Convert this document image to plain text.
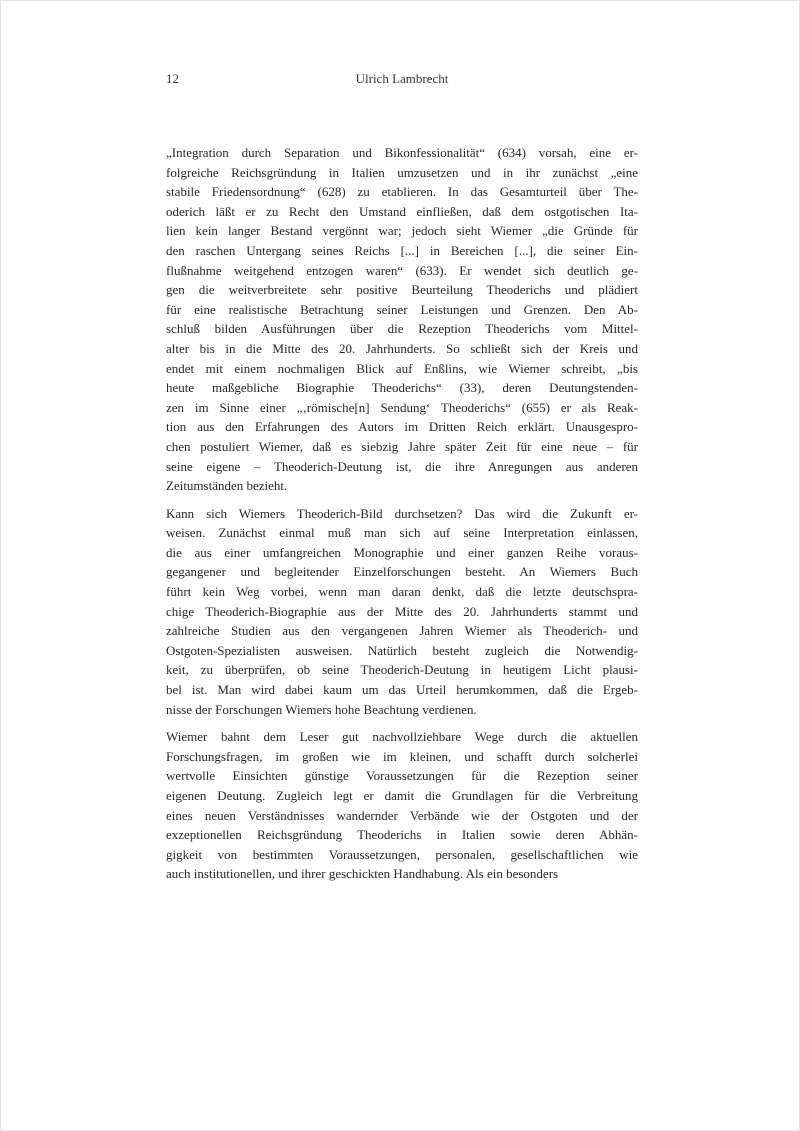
12	Ulrich Lambrecht

„Integration durch Separation und Bikonfessionalität“ (634) vorsah, eine er-
folgreiche Reichsgründung in Italien umzusetzen und in ihr zunächst „eine
stabile Friedensordnung“ (628) zu etablieren. In das Gesamturteil über The-
oderich läßt er zu Recht den Umstand einfließen, daß dem ostgotischen Ita-
lien kein langer Bestand vergönnt war; jedoch sieht Wiemer „die Gründe für
den raschen Untergang seines Reichs [...] in Bereichen [...], die seiner Ein-
flußnahme weitgehend entzogen waren“ (633). Er wendet sich deutlich ge-
gen die weitverbreitete sehr positive Beurteilung Theoderichs und plädiert
für eine realistische Betrachtung seiner Leistungen und Grenzen. Den Ab-
schluß bilden Ausführungen über die Rezeption Theoderichs vom Mittel-
alter bis in die Mitte des 20. Jahrhunderts. So schließt sich der Kreis und
endet mit einem nochmaligen Blick auf Enßlins, wie Wiemer schreibt, „bis
heute maßgebliche Biographie Theoderichs“ (33), deren Deutungstenden-
zen im Sinne einer „‚römische[n] Sendung‘ Theoderichs“ (655) er als Reak-
tion aus den Erfahrungen des Autors im Dritten Reich erklärt. Unausgespro-
chen postuliert Wiemer, daß es siebzig Jahre später Zeit für eine neue – für
seine eigene – Theoderich-Deutung ist, die ihre Anregungen aus anderen
Zeitumständen bezieht.

Kann sich Wiemers Theoderich-Bild durchsetzen? Das wird die Zukunft er-
weisen. Zunächst einmal muß man sich auf seine Interpretation einlassen,
die aus einer umfangreichen Monographie und einer ganzen Reihe voraus-
gegangener und begleitender Einzelforschungen besteht. An Wiemers Buch
führt kein Weg vorbei, wenn man daran denkt, daß die letzte deutschspra-
chige Theoderich-Biographie aus der Mitte des 20. Jahrhunderts stammt und
zahlreiche Studien aus den vergangenen Jahren Wiemer als Theoderich- und
Ostgoten-Spezialisten ausweisen. Natürlich besteht zugleich die Notwendig-
keit, zu überprüfen, ob seine Theoderich-Deutung in heutigem Licht plausi-
bel ist. Man wird dabei kaum um das Urteil herumkommen, daß die Ergeb-
nisse der Forschungen Wiemers hohe Beachtung verdienen.

Wiemer bahnt dem Leser gut nachvollziehbare Wege durch die aktuellen
Forschungsfragen, im großen wie im kleinen, und schafft durch solcherlei
wertvolle Einsichten günstige Voraussetzungen für die Rezeption seiner
eigenen Deutung. Zugleich legt er damit die Grundlagen für die Verbreitung
eines neuen Verständnisses wandernder Verbände wie der Ostgoten und der
exzeptionellen Reichsgründung Theoderichs in Italien sowie deren Abhän-
gigkeit von bestimmten Voraussetzungen, personalen, gesellschaftlichen wie
auch institutionellen, und ihrer geschickten Handhabung. Als ein besonders
